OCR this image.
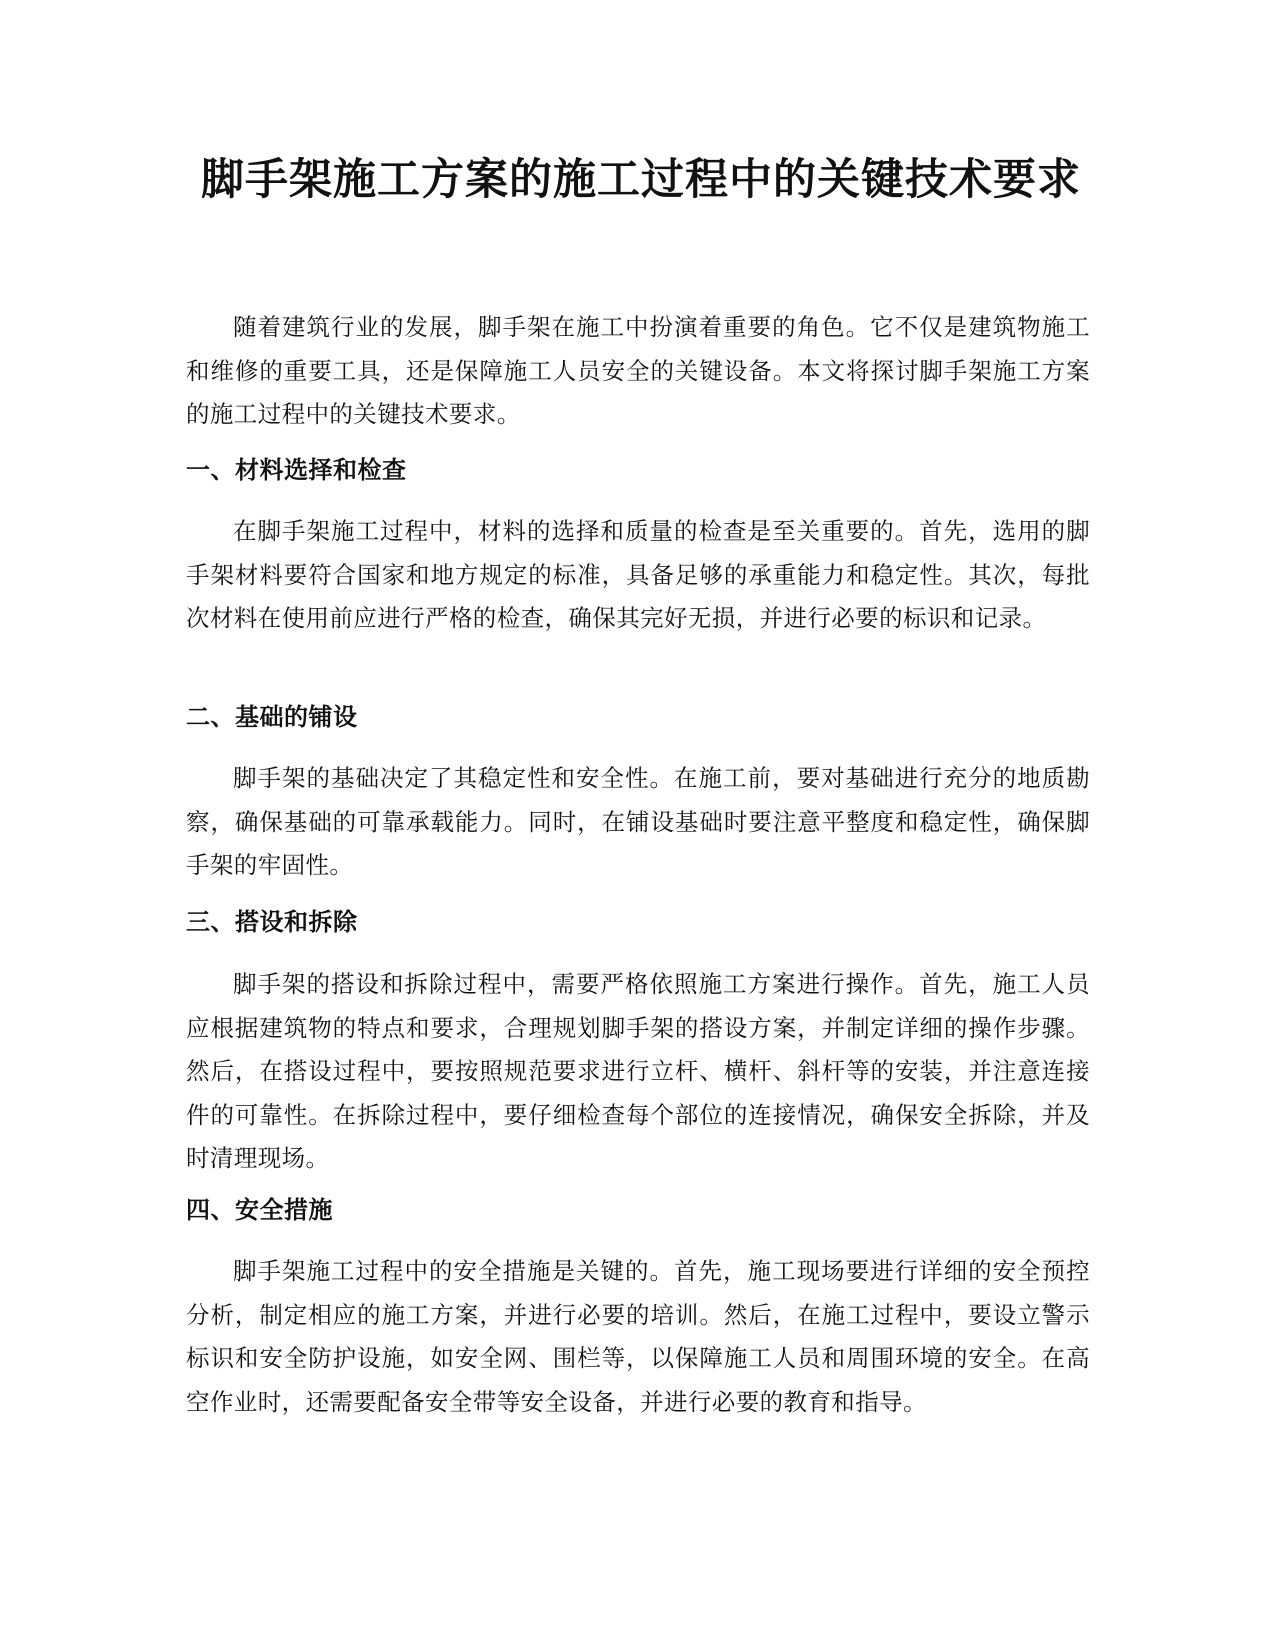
脚手架施工方案的施工过程中的关键技术要求

随着建筑行业的发展，脚手架在施工中扮演着重要的角色。它不仅是建筑物施工和维修的重要工具，还是保障施工人员安全的关键设备。本文将探讨脚手架施工方案的施工过程中的关键技术要求。

一、材料选择和检查

在脚手架施工过程中，材料的选择和质量的检查是至关重要的。首先，选用的脚手架材料要符合国家和地方规定的标准，具备足够的承重能力和稳定性。其次，每批次材料在使用前应进行严格的检查，确保其完好无损，并进行必要的标识和记录。

二、基础的铺设

脚手架的基础决定了其稳定性和安全性。在施工前，要对基础进行充分的地质勘察，确保基础的可靠承载能力。同时，在铺设基础时要注意平整度和稳定性，确保脚手架的牢固性。

三、搭设和拆除

脚手架的搭设和拆除过程中，需要严格依照施工方案进行操作。首先，施工人员应根据建筑物的特点和要求，合理规划脚手架的搭设方案，并制定详细的操作步骤。然后，在搭设过程中，要按照规范要求进行立杆、横杆、斜杆等的安装，并注意连接件的可靠性。在拆除过程中，要仔细检查每个部位的连接情况，确保安全拆除，并及时清理现场。

四、安全措施

脚手架施工过程中的安全措施是关键的。首先，施工现场要进行详细的安全预控分析，制定相应的施工方案，并进行必要的培训。然后，在施工过程中，要设立警示标识和安全防护设施，如安全网、围栏等，以保障施工人员和周围环境的安全。在高空作业时，还需要配备安全带等安全设备，并进行必要的教育和指导。
